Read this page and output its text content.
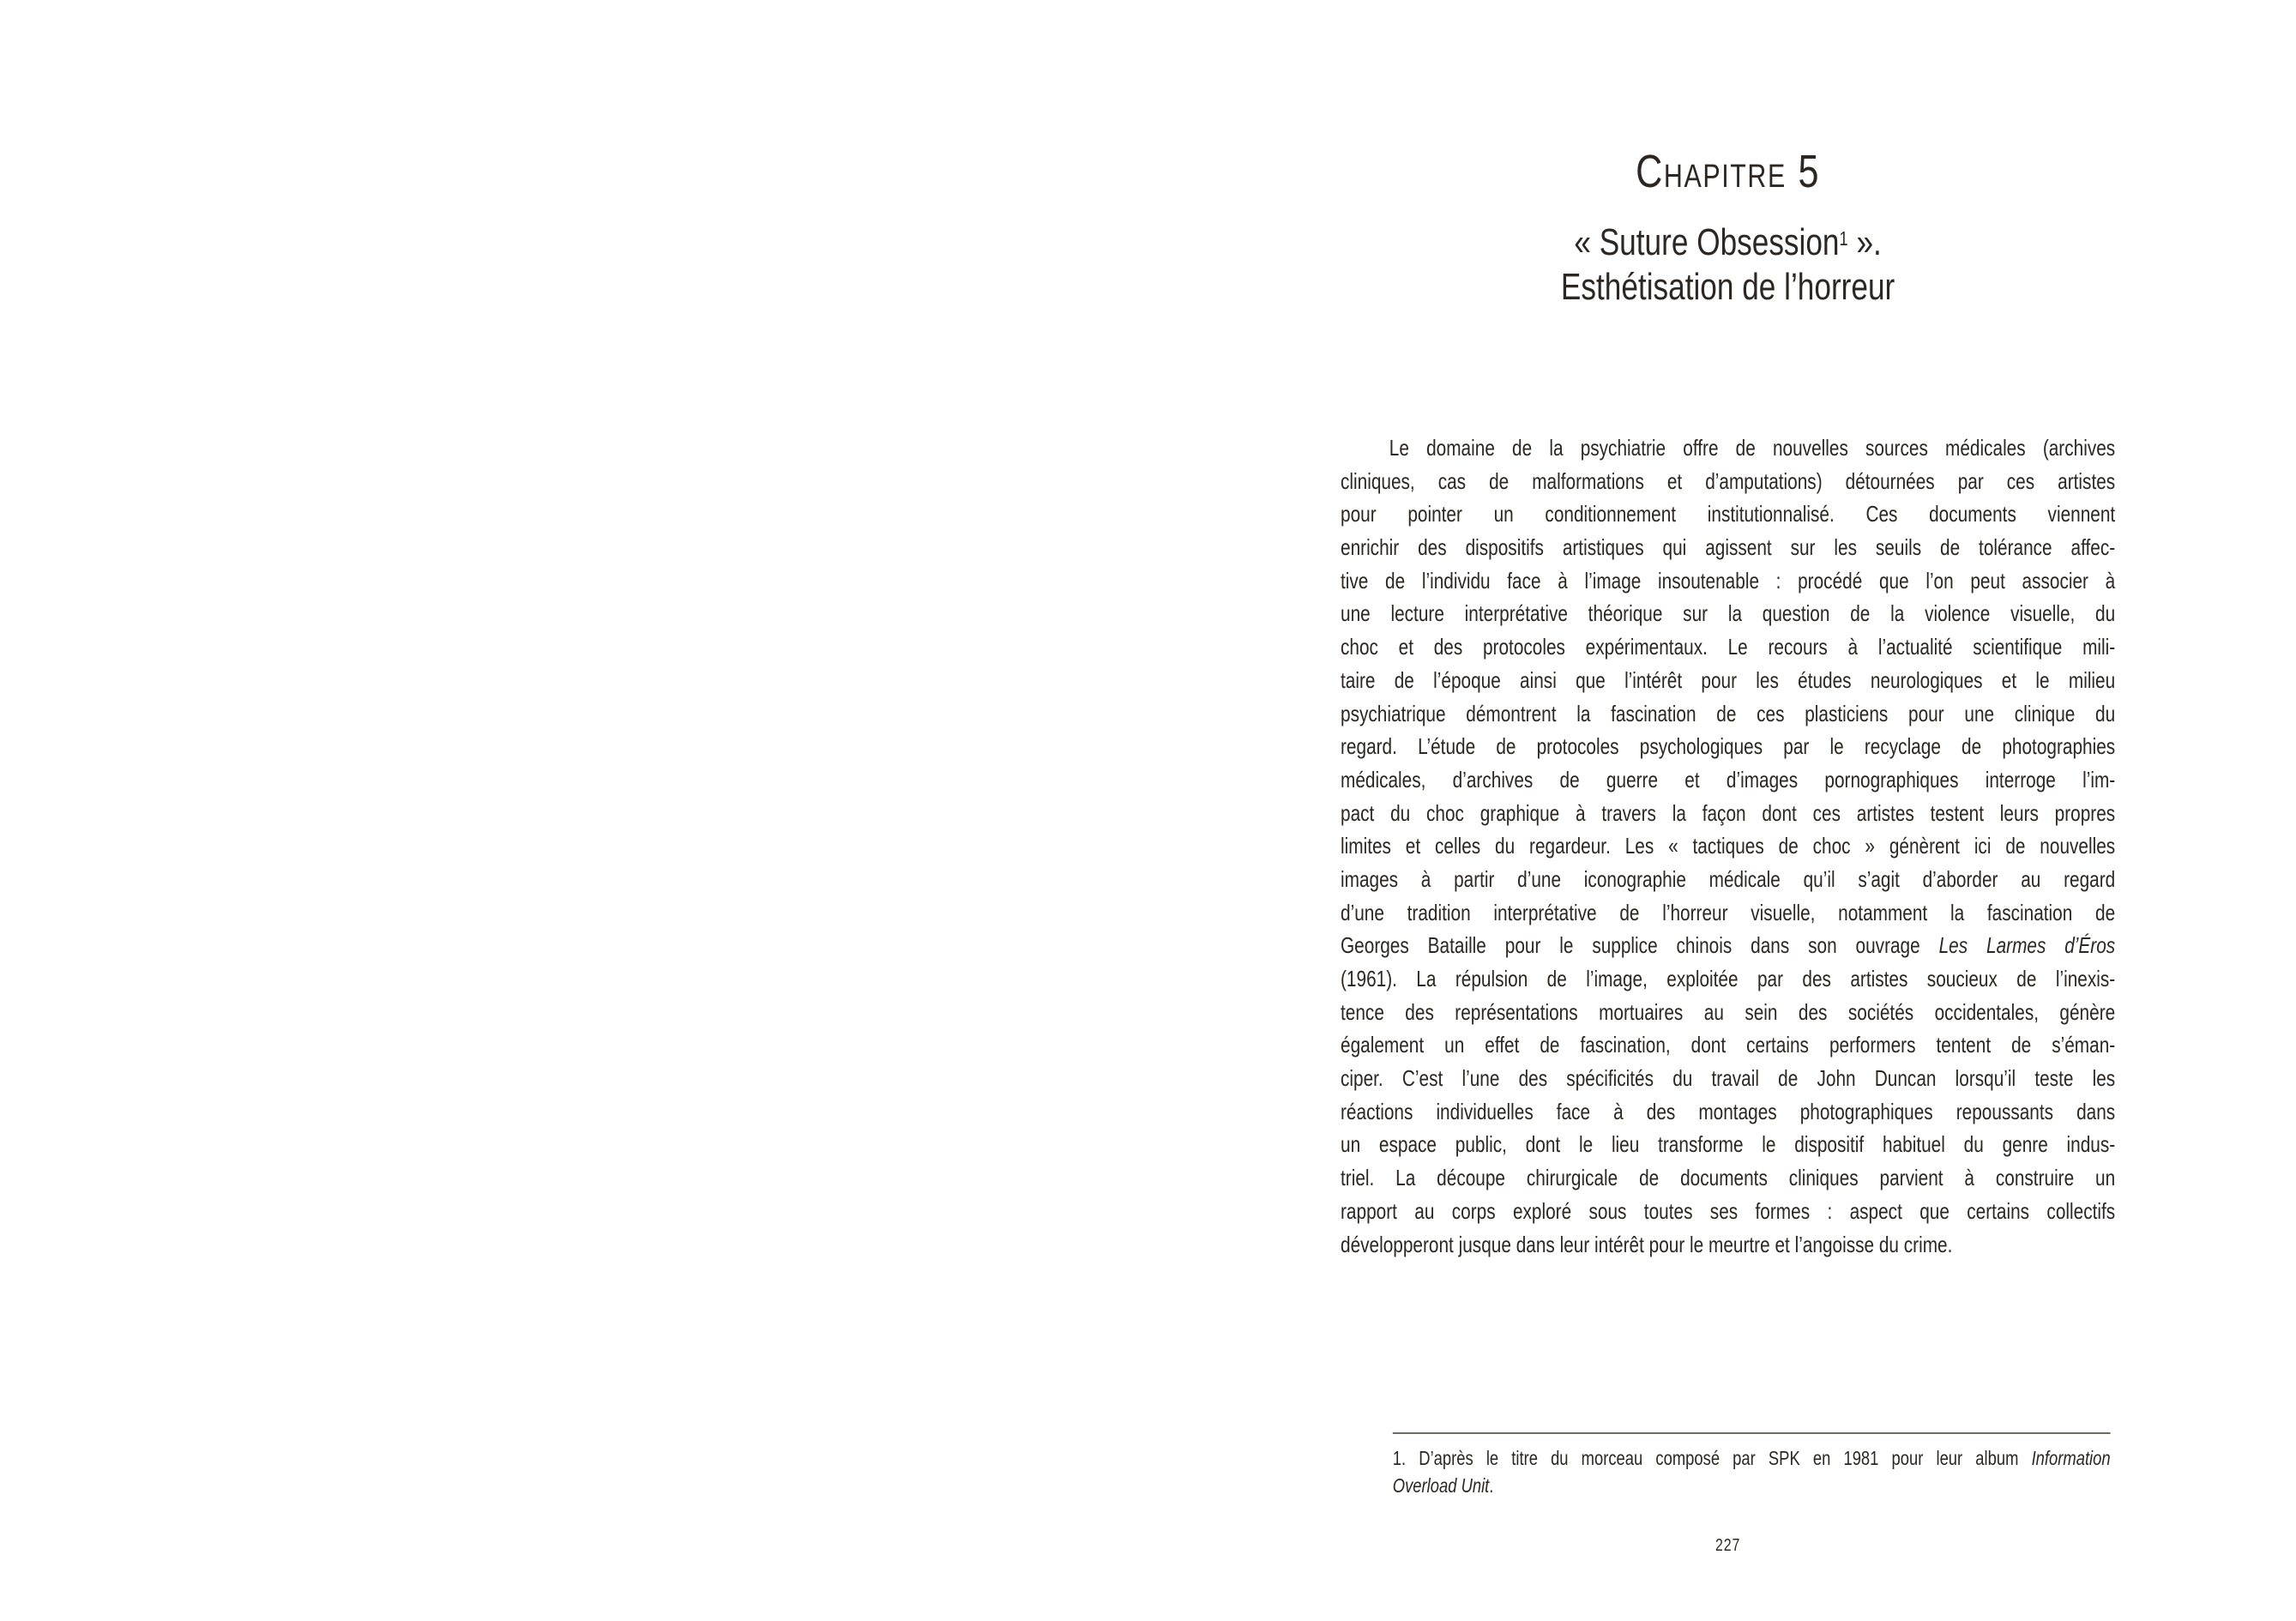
Chapitre 5
« Suture Obsession$^1$ ».
Esthétisation de l’horreur
Le domaine de la psychiatrie offre de nouvelles sources médicales (archives
cliniques, cas de malformations et d’amputations) détournées par ces artistes
pour pointer un conditionnement institutionnalisé. Ces documents viennent
enrichir des dispositifs artistiques qui agissent sur les seuils de tolérance affec-
tive de l’individu face à l’image insoutenable : procédé que l’on peut associer à
une lecture interprétative théorique sur la question de la violence visuelle, du
choc et des protocoles expérimentaux. Le recours à l’actualité scientifique mili-
taire de l’époque ainsi que l’intérêt pour les études neurologiques et le milieu
psychiatrique démontrent la fascination de ces plasticiens pour une clinique du
regard. L’étude de protocoles psychologiques par le recyclage de photographies
médicales, d’archives de guerre et d’images pornographiques interroge l’im-
pact du choc graphique à travers la façon dont ces artistes testent leurs propres
limites et celles du regardeur. Les « tactiques de choc » génèrent ici de nouvelles
images à partir d’une iconographie médicale qu’il s’agit d’aborder au regard
d’une tradition interprétative de l’horreur visuelle, notamment la fascination de
Georges Bataille pour le supplice chinois dans son ouvrage Les Larmes d’Éros
(1961). La répulsion de l’image, exploitée par des artistes soucieux de l’inexis-
tence des représentations mortuaires au sein des sociétés occidentales, génère
également un effet de fascination, dont certains performers tentent de s’éman-
ciper. C’est l’une des spécificités du travail de John Duncan lorsqu’il teste les
réactions individuelles face à des montages photographiques repoussants dans
un espace public, dont le lieu transforme le dispositif habituel du genre indus-
triel. La découpe chirurgicale de documents cliniques parvient à construire un
rapport au corps exploré sous toutes ses formes : aspect que certains collectifs
développeront jusque dans leur intérêt pour le meurtre et l’angoisse du crime.
1. D’après le titre du morceau composé par SPK en 1981 pour leur album Information
Overload Unit.
227
